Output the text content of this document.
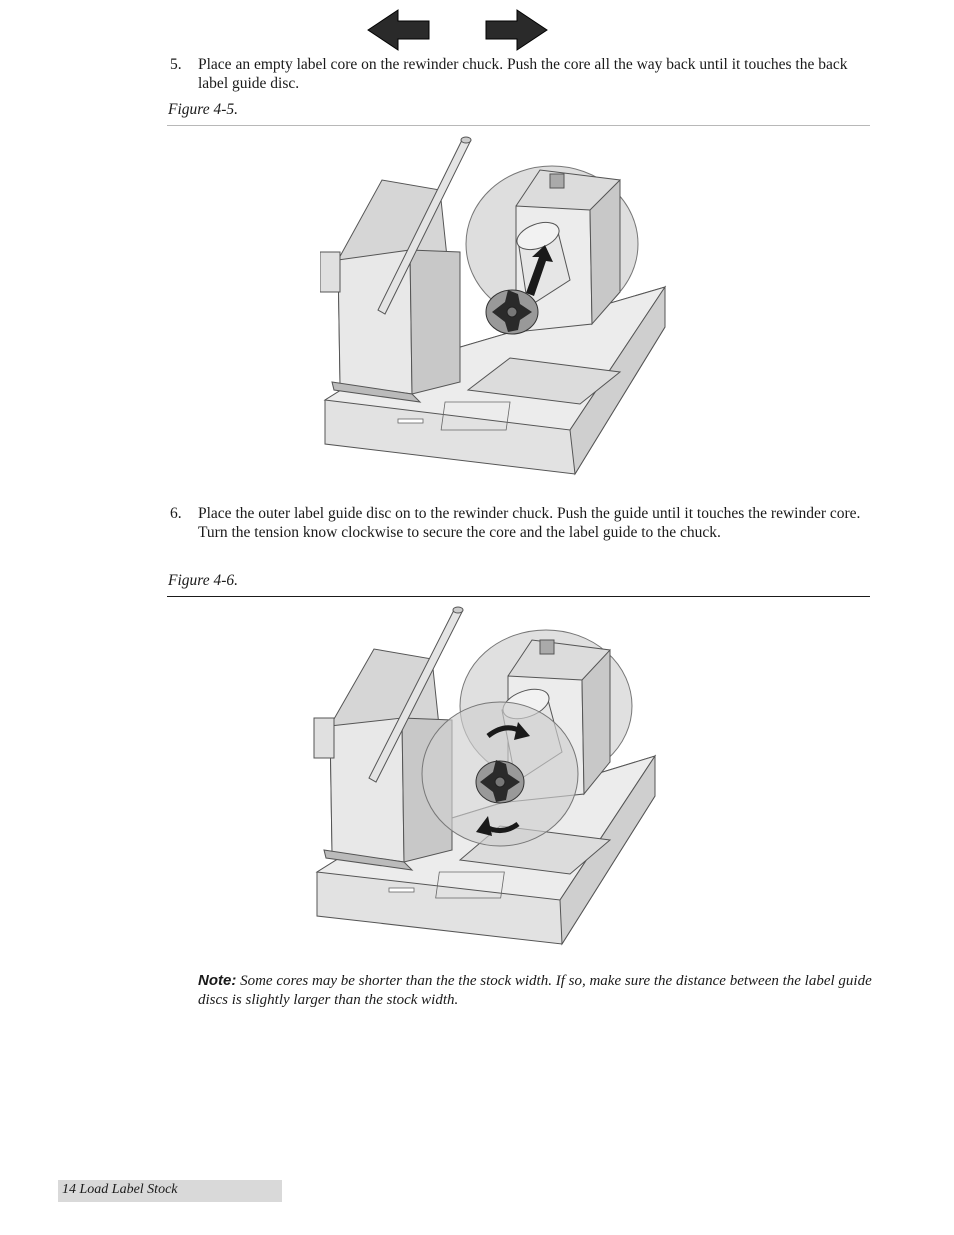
5. Place an empty label core on the rewinder chuck. Push the core all the way back until it touches the back label guide disc.
Figure 4-5.
6. Place the outer label guide disc on to the rewinder chuck. Push the guide until it touches the rewinder core. Turn the tension know clockwise to secure the core and the label guide to the chuck.
Figure 4-6.
Note: Some cores may be shorter than the the stock width. If so, make sure the distance between the label guide discs is slightly larger than the stock width.
14 Load Label Stock
